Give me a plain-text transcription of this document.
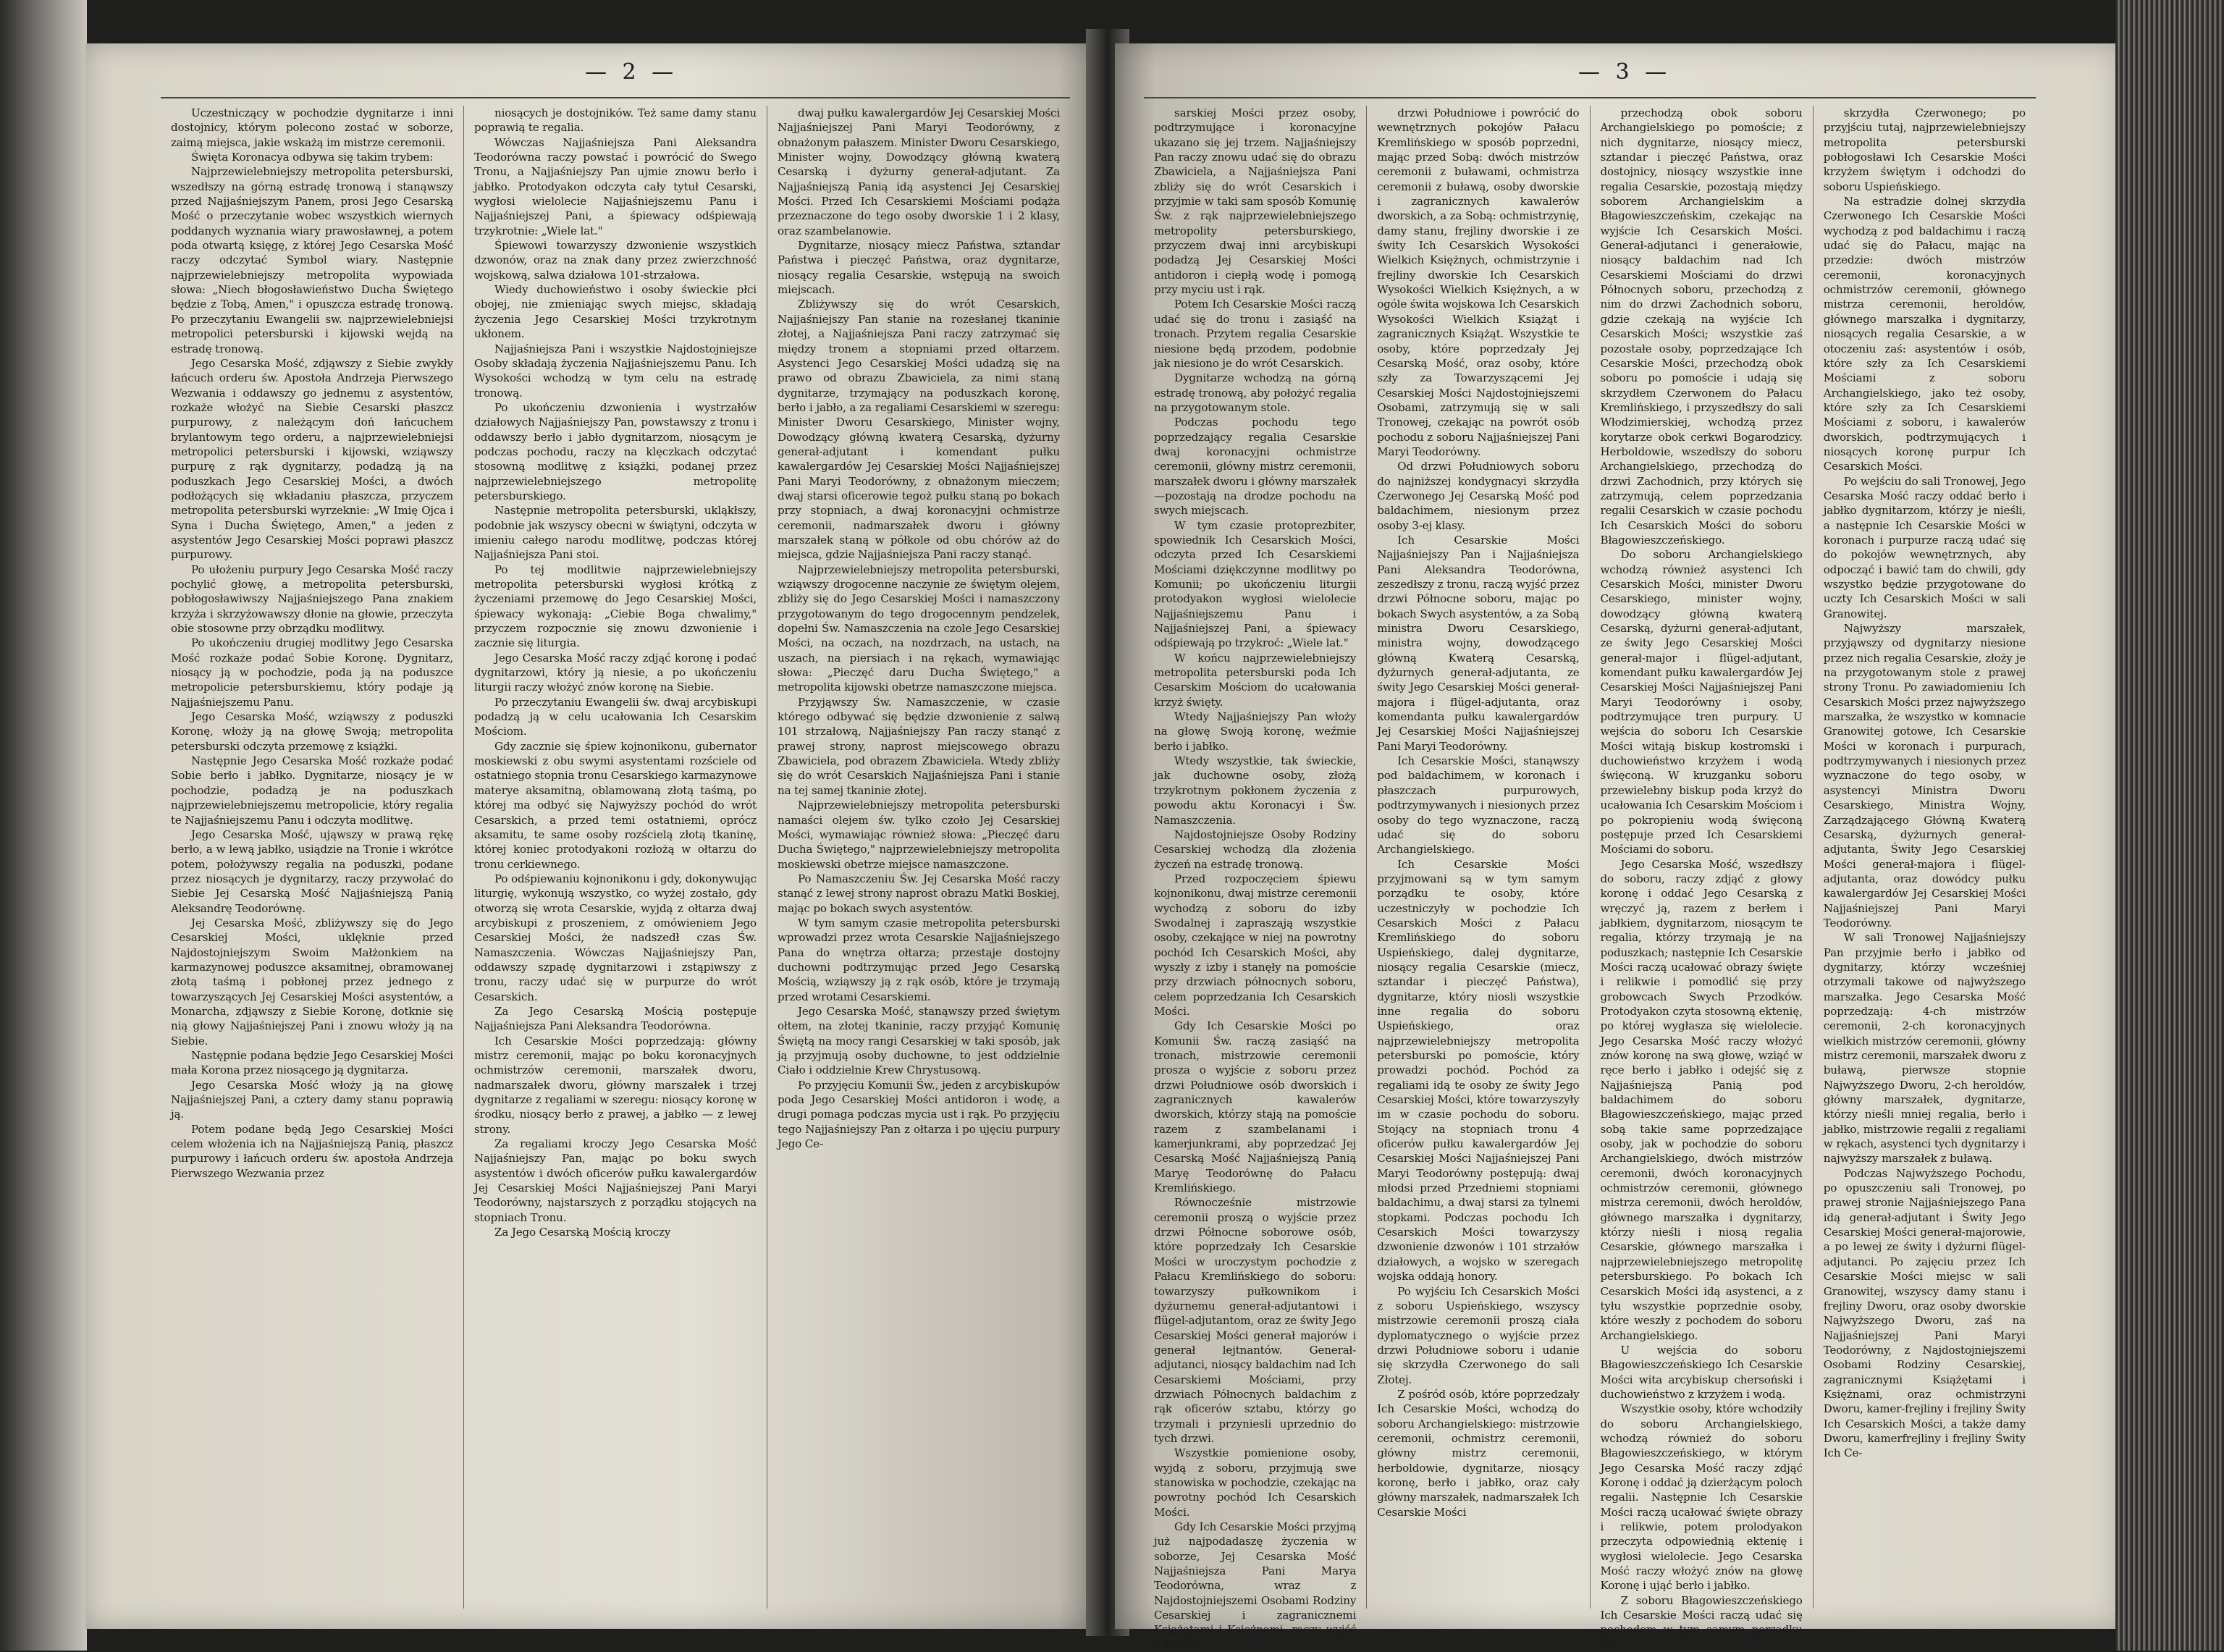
— 2 —

Uczestniczący w pochodzie dygnitarze i inni dostojnicy, którym polecono zostać w soborze, zaimą miejsca, jakie wskażą im mistrze ceremonii.

Święta Koronacya odbywa się takim trybem:

Najprzewielebniejszy metropolita petersburski, wszedłszy na górną estradę tronową i stanąwszy przed Najjaśniejszym Panem, prosi Jego Cesarską Mość o przeczytanie wobec wszystkich wiernych poddanych wyznania wiary prawosławnej, a potem poda otwartą księgę, z której Jego Cesarska Mość raczy odczytać Symbol wiary. Następnie najprzewielebniejszy metropolita wypowiada słowa: „Niech błogosławieństwo Ducha Świętego będzie z Tobą, Amen," i opuszcza estradę tronową. Po przeczytaniu Ewangelii sw. najprzewielebniejsi metropolici petersburski i kijowski wejdą na estradę tronową.

Jego Cesarska Mość, zdjąwszy z Siebie zwykły łańcuch orderu św. Apostoła Andrzeja Pierwszego Wezwania i oddawszy go jednemu z asystentów, rozkaże włożyć na Siebie Cesarski płaszcz purpurowy, z należącym doń łańcuchem brylantowym tego orderu, a najprzewielebniejsi metropolici petersburski i kijowski, wziąwszy purpurę z rąk dygnitarzy, podadzą ją na poduszkach Jego Cesarskiej Mości, a dwóch podłożących się wkładaniu płaszcza, przyczem metropolita petersburski wyrzeknie: „W Imię Ojca i Syna i Ducha Świętego, Amen," a jeden z asystentów Jego Cesarskiej Mości poprawi płaszcz purpurowy.

Po ułożeniu purpury Jego Cesarska Mość raczy pochylić głowę, a metropolita petersburski, pobłogosławiwszy Najjaśniejszego Pana znakiem krzyża i skrzyżowawszy dłonie na głowie, przeczyta obie stosowne przy obrządku modlitwy.

Po ukończeniu drugiej modlitwy Jego Cesarska Mość rozkaże podać Sobie Koronę. Dygnitarz, niosący ją w pochodzie, poda ją na poduszce metropolicie petersburskiemu, który podaje ją Najjaśniejszemu Panu.

Jego Cesarska Mość, wziąwszy z poduszki Koronę, włoży ją na głowę Swoją; metropolita petersburski odczyta przemowę z książki.

Następnie Jego Cesarska Mość rozkaże podać Sobie berło i jabłko. Dygnitarze, niosący je w pochodzie, podadzą je na poduszkach najprzewielebniejszemu metropolicie, który regalia te Najjaśniejszemu Panu i odczyta modlitwę.

Jego Cesarska Mość, ująwszy w prawą rękę berło, a w lewą jabłko, usiądzie na Tronie i wkrótce potem, położywszy regalia na poduszki, podane przez niosących je dygnitarzy, raczy przywołać do Siebie Jej Cesarską Mość Najjaśniejszą Panią Aleksandrę Teodorównę.

Jej Cesarska Mość, zbliżywszy się do Jego Cesarskiej Mości, uklęknie przed Najdostojniejszym Swoim Małżonkiem na karmazynowej poduszce aksamitnej, obramowanej złotą taśmą i pobłonej przez jednego z towarzyszących Jej Cesarskiej Mości asystentów, a Monarcha, zdjąwszy z Siebie Koronę, dotknie się nią głowy Najjaśniejszej Pani i znowu włoży ją na Siebie.

Następnie podana będzie Jego Cesarskiej Mości mała Korona przez niosącego ją dygnitarza.

Jego Cesarska Mość włoży ją na głowę Najjaśniejszej Pani, a cztery damy stanu poprawią ją.

Potem podane będą Jego Cesarskiej Mości celem włożenia ich na Najjaśniejszą Panią, płaszcz purpurowy i łańcuch orderu św. apostoła Andrzeja Pierwszego Wezwania przez

niosących je dostojników. Też same damy stanu poprawią te regalia.

Wówczas Najjaśniejsza Pani Aleksandra Teodorówna raczy powstać i powrócić do Swego Tronu, a Najjaśniejszy Pan ujmie znowu berło i jabłko. Protodyakon odczyta cały tytuł Cesarski, wygłosi wielolecie Najjaśniejszemu Panu i Najjaśniejszej Pani, a śpiewacy odśpiewają trzykrotnie: „Wiele lat."

Śpiewowi towarzyszy dzwonienie wszystkich dzwonów, oraz na znak dany przez zwierzchność wojskową, salwa działowa 101-strzałowa.

Wiedy duchowieństwo i osoby świeckie płci obojej, nie zmieniając swych miejsc, składają życzenia Jego Cesarskiej Mości trzykrotnym ukłonem.

Najjaśniejsza Pani i wszystkie Najdostojniejsze Osoby składają życzenia Najjaśniejszemu Panu. Ich Wysokości wchodzą w tym celu na estradę tronową.

Po ukończeniu dzwonienia i wystrzałów działowych Najjaśniejszy Pan, powstawszy z tronu i oddawszy berło i jabło dygnitarzom, niosącym je podczas pochodu, raczy na klęczkach odczytać stosowną modlitwę z książki, podanej przez najprzewielebniejszego metropolitę petersburskiego.

Następnie metropolita petersburski, ukląkłszy, podobnie jak wszyscy obecni w świątyni, odczyta w imieniu całego narodu modlitwę, podczas której Najjaśniejsza Pani stoi.

Po tej modlitwie najprzewielebniejszy metropolita petersburski wygłosi krótką z życzeniami przemowę do Jego Cesarskiej Mości, śpiewacy wykonają: „Ciebie Boga chwalimy," przyczem rozpocznie się znowu dzwonienie i zacznie się liturgia.

Jego Cesarska Mość raczy zdjąć koronę i podać dygnitarzowi, który ją niesie, a po ukończeniu liturgii raczy włożyć znów koronę na Siebie.

Po przeczytaniu Ewangelii św. dwaj arcybiskupi podadzą ją w celu ucałowania Ich Cesarskim Mościom.

Gdy zacznie się śpiew kojnonikonu, gubernator moskiewski z obu swymi asystentami rozściele od ostatniego stopnia tronu Cesarskiego karmazynowe materye aksamitną, oblamowaną złotą taśmą, po której ma odbyć się Najwyższy pochód do wrót Cesarskich, a przed temi ostatniemi, oprócz aksamitu, te same osoby rozścielą złotą tkaninę, której koniec protodyakoni rozłożą w ołtarzu do tronu cerkiewnego.

Po odśpiewaniu kojnonikonu i gdy, dokonywując liturgię, wykonują wszystko, co wyżej zostało, gdy otworzą się wrota Cesarskie, wyjdą z ołtarza dwaj arcybiskupi z proszeniem, z omówieniem Jego Cesarskiej Mości, że nadszedł czas Św. Namaszczenia. Wówczas Najjaśniejszy Pan, oddawszy szpadę dygnitarzowi i zstąpiwszy z tronu, raczy udać się w purpurze do wrót Cesarskich.

Za Jego Cesarską Mością postępuje Najjaśniejsza Pani Aleksandra Teodorówna.

Ich Cesarskie Mości poprzedzają: główny mistrz ceremonii, mając po boku koronacyjnych ochmistrzów ceremonii, marszałek dworu, nadmarszałek dworu, główny marszałek i trzej dygnitarze z regaliami w szeregu: niosący koronę w środku, niosący berło z prawej, a jabłko — z lewej strony.

Za regaliami kroczy Jego Cesarska Mość Najjaśniejszy Pan, mając po boku swych asystentów i dwóch oficerów pułku kawalergardów Jej Cesarskiej Mości Najjaśniejszej Pani Maryi Teodorówny, najstarszych z porządku stojących na stopniach Tronu.

Za Jego Cesarską Mością kroczy

dwaj pułku kawalergardów Jej Cesarskiej Mości Najjaśniejszej Pani Maryi Teodorówny, z obnażonym pałaszem. Minister Dworu Cesarskiego, Minister wojny, Dowodzący główną kwaterą Cesarską i dyżurny generał-adjutant. Za Najjaśniejszą Panią idą asystenci Jej Cesarskiej Mości. Przed Ich Cesarskiemi Mościami podąża przeznaczone do tego osoby dworskie 1 i 2 klasy, oraz szambelanowie.

Dygnitarze, niosący miecz Państwa, sztandar Państwa i pieczęć Państwa, oraz dygnitarze, niosący regalia Cesarskie, wstępują na swoich miejscach.

Zbliżywszy się do wrót Cesarskich, Najjaśniejszy Pan stanie na rozesłanej tkaninie złotej, a Najjaśniejsza Pani raczy zatrzymać się między tronem a stopniami przed ołtarzem. Asystenci Jego Cesarskiej Mości udadzą się na prawo od obrazu Zbawiciela, za nimi staną dygnitarze, trzymający na poduszkach koronę, berło i jabło, a za regaliami Cesarskiemi w szeregu: Minister Dworu Cesarskiego, Minister wojny, Dowodzący główną kwaterą Cesarską, dyżurny generał-adjutant i komendant pułku kawalergardów Jej Cesarskiej Mości Najjaśniejszej Pani Maryi Teodorówny, z obnażonym mieczem; dwaj starsi oficerowie tegoż pułku staną po bokach przy stopniach, a dwaj koronacyjni ochmistrze ceremonii, nadmarszałek dworu i główny marszałek staną w półkole od obu chórów aż do miejsca, gdzie Najjaśniejsza Pani raczy stanąć.

Najprzewielebniejszy metropolita petersburski, wziąwszy drogocenne naczynie ze świętym olejem, zbliży się do Jego Cesarskiej Mości i namaszczony przygotowanym do tego drogocennym pendzelek, dopełni Św. Namaszczenia na czole Jego Cesarskiej Mości, na oczach, na nozdrzach, na ustach, na uszach, na piersiach i na rękach, wymawiając słowa: „Pieczęć daru Ducha Świętego," a metropolita kijowski obetrze namaszczone miejsca.

Przyjąwszy Św. Namaszczenie, w czasie którego odbywać się będzie dzwonienie z salwą 101 strzałową, Najjaśniejszy Pan raczy stanąć z prawej strony, naprost miejscowego obrazu Zbawiciela, pod obrazem Zbawiciela. Wtedy zbliży się do wrót Cesarskich Najjaśniejsza Pani i stanie na tej samej tkaninie złotej.

Najprzewielebniejszy metropolita petersburski namaści olejem św. tylko czoło Jej Cesarskiej Mości, wymawiając również słowa: „Pieczęć daru Ducha Świętego," najprzewielebniejszy metropolita moskiewski obetrze miejsce namaszczone.

Po Namaszczeniu Św. Jej Cesarska Mość raczy stanąć z lewej strony naprost obrazu Matki Boskiej, mając po bokach swych asystentów.

W tym samym czasie metropolita petersburski wprowadzi przez wrota Cesarskie Najjaśniejszego Pana do wnętrza ołtarza; przestaje dostojny duchowni podtrzymując przed Jego Cesarską Mością, wziąwszy ją z rąk osób, które je trzymają przed wrotami Cesarskiemi.

Jego Cesarska Mość, stanąwszy przed świętym ołtem, na złotej tkaninie, raczy przyjąć Komunię Świętą na mocy rangi Cesarskiej w taki sposób, jak ją przyjmują osoby duchowne, to jest oddzielnie Ciało i oddzielnie Krew Chrystusową.

Po przyjęciu Komunii Św., jeden z arcybiskupów poda Jego Cesarskiej Mości antidoron i wodę, a drugi pomaga podczas mycia ust i rąk. Po przyjęciu tego Najjaśniejszy Pan z ołtarza i po ujęciu purpury Jego Ce-

— 3 —

sarskiej Mości przez osoby, podtrzymujące i koronacyjne ukazano się jej trzem. Najjaśniejszy Pan raczy znowu udać się do obrazu Zbawiciela, a Najjaśniejsza Pani zbliży się do wrót Cesarskich i przyjmie w taki sam sposób Komunię Św. z rąk najprzewielebniejszego metropolity petersburskiego, przyczem dwaj inni arcybiskupi podadzą Jej Cesarskiej Mości antidoron i ciepłą wodę i pomogą przy myciu ust i rąk.

Potem Ich Cesarskie Mości raczą udać się do tronu i zasiąść na tronach. Przytem regalia Cesarskie niesione będą przodem, podobnie jak niesiono je do wrót Cesarskich.

Dygnitarze wchodzą na górną estradę tronową, aby położyć regalia na przygotowanym stole.

Podczas pochodu tego poprzedzający regalia Cesarskie dwaj koronacyjni ochmistrze ceremonii, główny mistrz ceremonii, marszałek dworu i główny marszałek—pozostają na drodze pochodu na swych miejscach.

W tym czasie protoprezbiter, spowiednik Ich Cesarskich Mości, odczyta przed Ich Cesarskiemi Mościami dziękczynne modlitwy po Komunii; po ukończeniu liturgii protodyakon wygłosi wielolecie Najjaśniejszemu Panu i Najjaśniejszej Pani, a śpiewacy odśpiewają po trzykroć: „Wiele lat."

W końcu najprzewielebniejszy metropolita petersburski poda Ich Cesarskim Mościom do ucałowania krzyż święty.

Wtedy Najjaśniejszy Pan włoży na głowę Swoją koronę, weźmie berło i jabłko.

Wtedy wszystkie, tak świeckie, jak duchowne osoby, złożą trzykrotnym pokłonem życzenia z powodu aktu Koronacyi i Św. Namaszczenia.

Najdostojniejsze Osoby Rodziny Cesarskiej wchodzą dla złożenia życzeń na estradę tronową.

Przed rozpoczęciem śpiewu kojnonikonu, dwaj mistrze ceremonii wychodzą z soboru do izby Swodalnej i zapraszają wszystkie osoby, czekające w niej na powrotny pochód Ich Cesarskich Mości, aby wyszły z izby i stanęły na pomoście przy drzwiach północnych soboru, celem poprzedzania Ich Cesarskich Mości.

Gdy Ich Cesarskie Mości po Komunii Św. raczą zasiąść na tronach, mistrzowie ceremonii prosza o wyjście z soboru przez drzwi Południowe osób dworskich i zagranicznych kawalerów dworskich, którzy stają na pomoście razem z szambelanami i kamerjunkrami, aby poprzedzać Jej Cesarską Mość Najjaśniejszą Panią Maryę Teodorównę do Pałacu Kremlińskiego.

Równocześnie mistrzowie ceremonii proszą o wyjście przez drzwi Północne soborowe osób, które poprzedzały Ich Cesarskie Mości w uroczystym pochodzie z Pałacu Kremlińskiego do soboru: towarzyszy pułkownikom i dyżurnemu generał-adjutantowi i flügel-adjutantom, oraz ze świty Jego Cesarskiej Mości generał majorów i generał lejtnantów. Generał-adjutanci, niosący baldachim nad Ich Cesarskiemi Mościami, przy drzwiach Północnych baldachim z rąk oficerów sztabu, którzy go trzymali i przyniesli uprzednio do tych drzwi.

Wszystkie pomienione osoby, wyjdą z soboru, przyjmują swe stanowiska w pochodzie, czekając na powrotny pochód Ich Cesarskich Mości.

Gdy Ich Cesarskie Mości przyjmą już najpodadaszę życzenia w soborze, Jej Cesarska Mość Najjaśniejsza Pani Marya Teodorówna, wraz z Najdostojniejszemi Osobami Rodziny Cesarskiej i zagranicznemi Książętami i Księżnami, raczy wyjść z soboru

drzwi Południowe i powrócić do wewnętrznych pokojów Pałacu Kremlińskiego w sposób poprzedni, mając przed Sobą: dwóch mistrzów ceremonii z buławami, ochmistrza ceremonii z buławą, osoby dworskie i zagranicznych kawalerów dworskich, a za Sobą: ochmistrzynię, damy stanu, frejliny dworskie i ze świty Ich Cesarskich Wysokości Wielkich Księżnych, ochmistrzynie i frejliny dworskie Ich Cesarskich Wysokości Wielkich Księżnych, a w ogóle świta wojskowa Ich Cesarskich Wysokości Wielkich Książąt i zagranicznych Książąt. Wszystkie te osoby, które poprzedzały Jej Cesarską Mość, oraz osoby, które szły za Towarzyszącemi Jej Cesarskiej Mości Najdostojniejszemi Osobami, zatrzymują się w sali Tronowej, czekając na powrót osób pochodu z soboru Najjaśniejszej Pani Maryi Teodorówny.

Od drzwi Południowych soboru do najniższej kondygnacyi skrzydła Czerwonego Jej Cesarską Mość pod baldachimem, niesionym przez osoby 3-ej klasy.

Ich Cesarskie Mości Najjaśniejszy Pan i Najjaśniejsza Pani Aleksandra Teodorówna, zeszedłszy z tronu, raczą wyjść przez drzwi Północne soboru, mając po bokach Swych asystentów, a za Sobą ministra Dworu Cesarskiego, ministra wojny, dowodzącego główną Kwaterą Cesarską, dyżurnych generał-adjutanta, ze świty Jego Cesarskiej Mości generał-majora i flügel-adjutanta, oraz komendanta pułku kawalergardów Jej Cesarskiej Mości Najjaśniejszej Pani Maryi Teodorówny.

Ich Cesarskie Mości, stanąwszy pod baldachimem, w koronach i płaszczach purpurowych, podtrzymywanych i niesionych przez osoby do tego wyznaczone, raczą udać się do soboru Archangielskiego.

Ich Cesarskie Mości przyjmowani są w tym samym porządku te osoby, które uczestniczyły w pochodzie Ich Cesarskich Mości z Pałacu Kremlińskiego do soboru Uspieńskiego, dalej dygnitarze, niosący regalia Cesarskie (miecz, sztandar i pieczęć Państwa), dygnitarze, który niosli wszystkie inne regalia do soboru Uspieńskiego, oraz najprzewielebniejszy metropolita petersburski po pomoście, który prowadzi pochód. Pochód za regaliami idą te osoby ze świty Jego Cesarskiej Mości, które towarzyszyły im w czasie pochodu do soboru. Stojący na stopniach tronu 4 oficerów pułku kawalergardów Jej Cesarskiej Mości Najjaśniejszej Pani Maryi Teodorówny postępują: dwaj młodsi przed Przedniemi stopniami baldachimu, a dwaj starsi za tylnemi stopkami. Podczas pochodu Ich Cesarskich Mości towarzyszy dzwonienie dzwonów i 101 strzałów działowych, a wojsko w szeregach wojska oddają honory.

Po wyjściu Ich Cesarskich Mości z soboru Uspieńskiego, wszyscy mistrzowie ceremonii proszą ciała dyplomatycznego o wyjście przez drzwi Południowe soboru i udanie się skrzydła Czerwonego do sali Złotej.

Z pośród osób, które poprzedzały Ich Cesarskie Mości, wchodzą do soboru Archangielskiego: mistrzowie ceremonii, ochmistrz ceremonii, główny mistrz ceremonii, herboldowie, dygnitarze, niosący koronę, berło i jabłko, oraz cały główny marszałek, nadmarszałek Ich Cesarskie Mości

przechodzą obok soboru Archangielskiego po pomoście; z nich dygnitarze, niosący miecz, sztandar i pieczęć Państwa, oraz dostojnicy, niosący wszystkie inne regalia Cesarskie, pozostają między soborem Archangielskim a Błagowieszczeńskim, czekając na wyjście Ich Cesarskich Mości. Generał-adjutanci i generałowie, niosący baldachim nad Ich Cesarskiemi Mościami do drzwi Północnych soboru, przechodzą z nim do drzwi Zachodnich soboru, gdzie czekają na wyjście Ich Cesarskich Mości; wszystkie zaś pozostałe osoby, poprzedzające Ich Cesarskie Mości, przechodzą obok soboru po pomoście i udają się skrzydłem Czerwonem do Pałacu Kremlińskiego, i przyszedłszy do sali Włodzimierskiej, wchodzą przez korytarze obok cerkwi Bogarodzicy. Herboldowie, wszedłszy do soboru Archangielskiego, przechodzą do drzwi Zachodnich, przy których się zatrzymują, celem poprzedzania regalii Cesarskich w czasie pochodu Ich Cesarskich Mości do soboru Błagowieszczeńskiego.

Do soboru Archangielskiego wchodzą również asystenci Ich Cesarskich Mości, minister Dworu Cesarskiego, minister wojny, dowodzący główną kwaterą Cesarską, dyżurni generał-adjutant, ze świty Jego Cesarskiej Mości generał-major i flügel-adjutant, komendant pułku kawalergardów Jej Cesarskiej Mości Najjaśniejszej Pani Maryi Teodorówny i osoby, podtrzymujące tren purpury. U wejścia do soboru Ich Cesarskie Mości witają biskup kostromski i duchowieństwo krzyżem i wodą święconą. W kruzganku soboru przewielebny biskup poda krzyż do ucałowania Ich Cesarskim Mościom i po pokropieniu wodą święconą postępuje przed Ich Cesarskiemi Mościami do soboru.

Jego Cesarska Mość, wszedłszy do soboru, raczy zdjąć z głowy koronę i oddać Jego Cesarską z wręczyć ją, razem z berłem i jabłkiem, dygnitarzom, niosącym te regalia, którzy trzymają je na poduszkach; następnie Ich Cesarskie Mości raczą ucałować obrazy święte i relikwie i pomodlić się przy grobowcach Swych Przodków. Protodyakon czyta stosowną ektenię, po której wygłasza się wielolecie. Jego Cesarska Mość raczy włożyć znów koronę na swą głowę, wziąć w ręce berło i jabłko i odejść się z Najjaśniejszą Panią pod baldachimem do soboru Błagowieszczeńskiego, mając przed sobą takie same poprzedzające osoby, jak w pochodzie do soboru Archangielskiego, dwóch mistrzów ceremonii, dwóch koronacyjnych ochmistrzów ceremonii, głównego mistrza ceremonii, dwóch heroldów, głównego marszałka i dygnitarzy, którzy nieśli i niosą regalia Cesarskie, głównego marszałka i najprzewielebniejszego metropolitę petersburskiego. Po bokach Ich Cesarskich Mości idą asystenci, a z tyłu wszystkie poprzednie osoby, które weszły z pochodem do soboru Archangielskiego.

U wejścia do soboru Błagowieszczeńskiego Ich Cesarskie Mości wita arcybiskup chersoński i duchowieństwo z krzyżem i wodą.

Wszystkie osoby, które wchodziły do soboru Archangielskiego, wchodzą również do soboru Błagowieszczeńskiego, w którym Jego Cesarska Mość raczy zdjąć Koronę i oddać ją dzierżącym poloch regalii. Następnie Ich Cesarskie Mości raczą ucałować święte obrazy i relikwie, potem prolodyakon przeczyta odpowiednią ektenię i wygłosi wielolecie. Jego Cesarska Mość raczy włożyć znów na głowę Koronę i ująć berło i jabłko.

Z soboru Błagowieszczeńskiego Ich Cesarskie Mości raczą udać się pochodem w tym samym porządku do

skrzydła Czerwonego; po przyjściu tutaj, najprzewielebniejszy metropolita petersburski pobłogosławi Ich Cesarskie Mości krzyżem świętym i odchodzi do soboru Uspieńskiego.

Na estradzie dolnej skrzydła Czerwonego Ich Cesarskie Mości wychodzą z pod baldachimu i raczą udać się do Pałacu, mając na przedzie: dwóch mistrzów ceremonii, koronacyjnych ochmistrzów ceremonii, głównego mistrza ceremonii, heroldów, głównego marszałka i dygnitarzy, niosących regalia Cesarskie, a w otoczeniu zaś: asystentów i osób, które szły za Ich Cesarskiemi Mościami z soboru Archangielskiego, jako też osoby, które szły za Ich Cesarskiemi Mościami z soboru, i kawalerów dworskich, podtrzymujących i niosących koronę purpur Ich Cesarskich Mości.

Po wejściu do sali Tronowej, Jego Cesarska Mość raczy oddać berło i jabłko dygnitarzom, którzy je nieśli, a następnie Ich Cesarskie Mości w koronach i purpurze raczą udać się do pokojów wewnętrznych, aby odpocząć i bawić tam do chwili, gdy wszystko będzie przygotowane do uczty Ich Cesarskich Mości w sali Granowitej.

Najwyższy marszałek, przyjąwszy od dygnitarzy niesione przez nich regalia Cesarskie, złoży je na przygotowanym stole z prawej strony Tronu. Po zawiadomieniu Ich Cesarskich Mości przez najwyższego marszałka, że wszystko w komnacie Granowitej gotowe, Ich Cesarskie Mości w koronach i purpurach, podtrzymywanych i niesionych przez wyznaczone do tego osoby, w asystencyi Ministra Dworu Cesarskiego, Ministra Wojny, Zarządzającego Główną Kwaterą Cesarską, dyżurnych generał-adjutanta, Świty Jego Cesarskiej Mości generał-majora i flügel-adjutanta, oraz dowódcy pułku kawalergardów Jej Cesarskiej Mości Najjaśniejszej Pani Maryi Teodorówny.

W sali Tronowej Najjaśniejszy Pan przyjmie berło i jabłko od dygnitarzy, którzy wcześniej otrzymali takowe od najwyższego marszałka. Jego Cesarska Mość poprzedzają: 4-ch mistrzów ceremonii, 2-ch koronacyjnych wielkich mistrzów ceremonii, główny mistrz ceremonii, marszałek dworu z buławą, pierwsze stopnie Najwyższego Dworu, 2-ch heroldów, główny marszałek, dygnitarze, którzy nieśli mniej regalia, berło i jabłko, mistrzowie regalii z regaliami w rękach, asystenci tych dygnitarzy i najwyższy marszałek z buławą.

Podczas Najwyższego Pochodu, po opuszczeniu sali Tronowej, po prawej stronie Najjaśniejszego Pana idą generał-adjutant i Świty Jego Cesarskiej Mości generał-majorowie, a po lewej ze świty i dyżurni flügel-adjutanci. Po zajęciu przez Ich Cesarskie Mości miejsc w sali Granowitej, wszyscy damy stanu i frejliny Dworu, oraz osoby dworskie Najwyższego Dworu, zaś na Najjaśniejszej Pani Maryi Teodorówny, z Najdostojniejszemi Osobami Rodziny Cesarskiej, zagranicznymi Książętami i Księżnami, oraz ochmistrzyni Dworu, kamer-frejliny i frejliny Świty Ich Cesarskich Mości, a także damy Dworu, kamerfrejliny i frejliny Świty Ich Ce-
